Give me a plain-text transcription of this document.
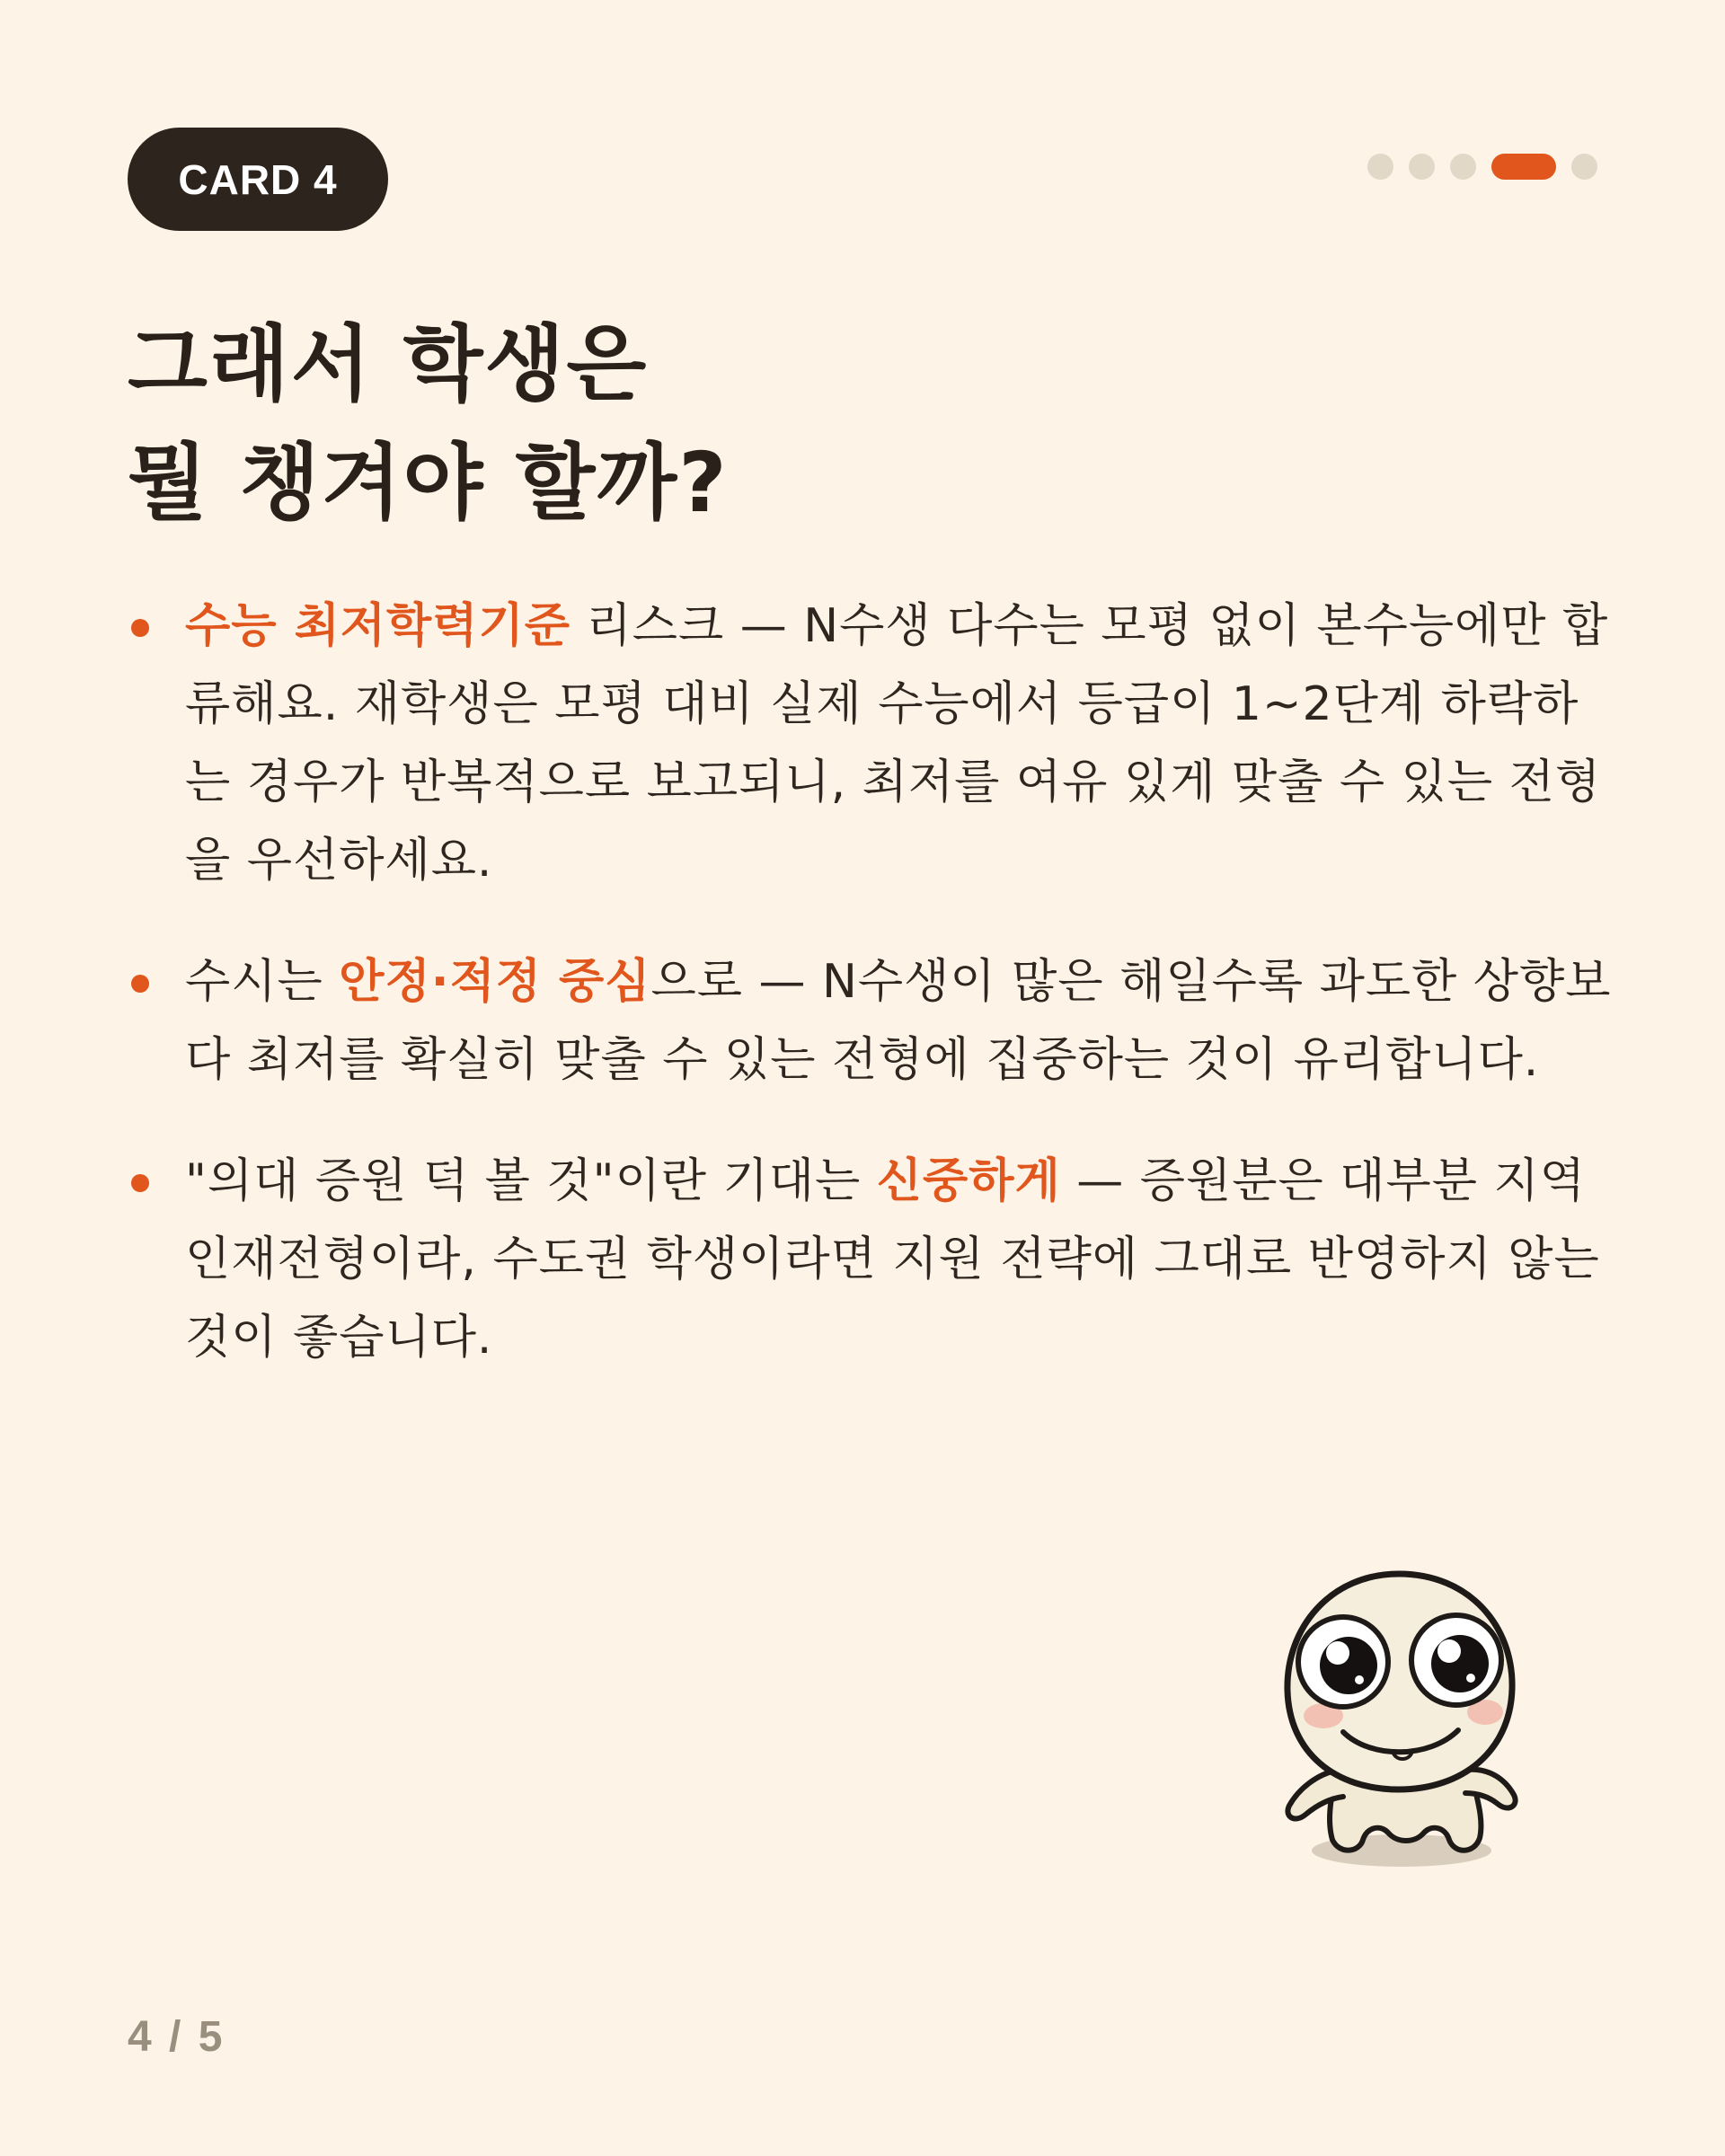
CARD 4
그래서 학생은
뭘 챙겨야 할까?
수능 최저학력기준 리스크 — N수생 다수는 모평 없이 본수능에만 합류해요. 재학생은 모평 대비 실제 수능에서 등급이 1~2단계 하락하는 경우가 반복적으로 보고되니, 최저를 여유 있게 맞출 수 있는 전형을 우선하세요.
수시는 안정·적정 중심으로 — N수생이 많은 해일수록 과도한 상향보다 최저를 확실히 맞출 수 있는 전형에 집중하는 것이 유리합니다.
"의대 증원 덕 볼 것"이란 기대는 신중하게 — 증원분은 대부분 지역인재전형이라, 수도권 학생이라면 지원 전략에 그대로 반영하지 않는 것이 좋습니다.
4 / 5
